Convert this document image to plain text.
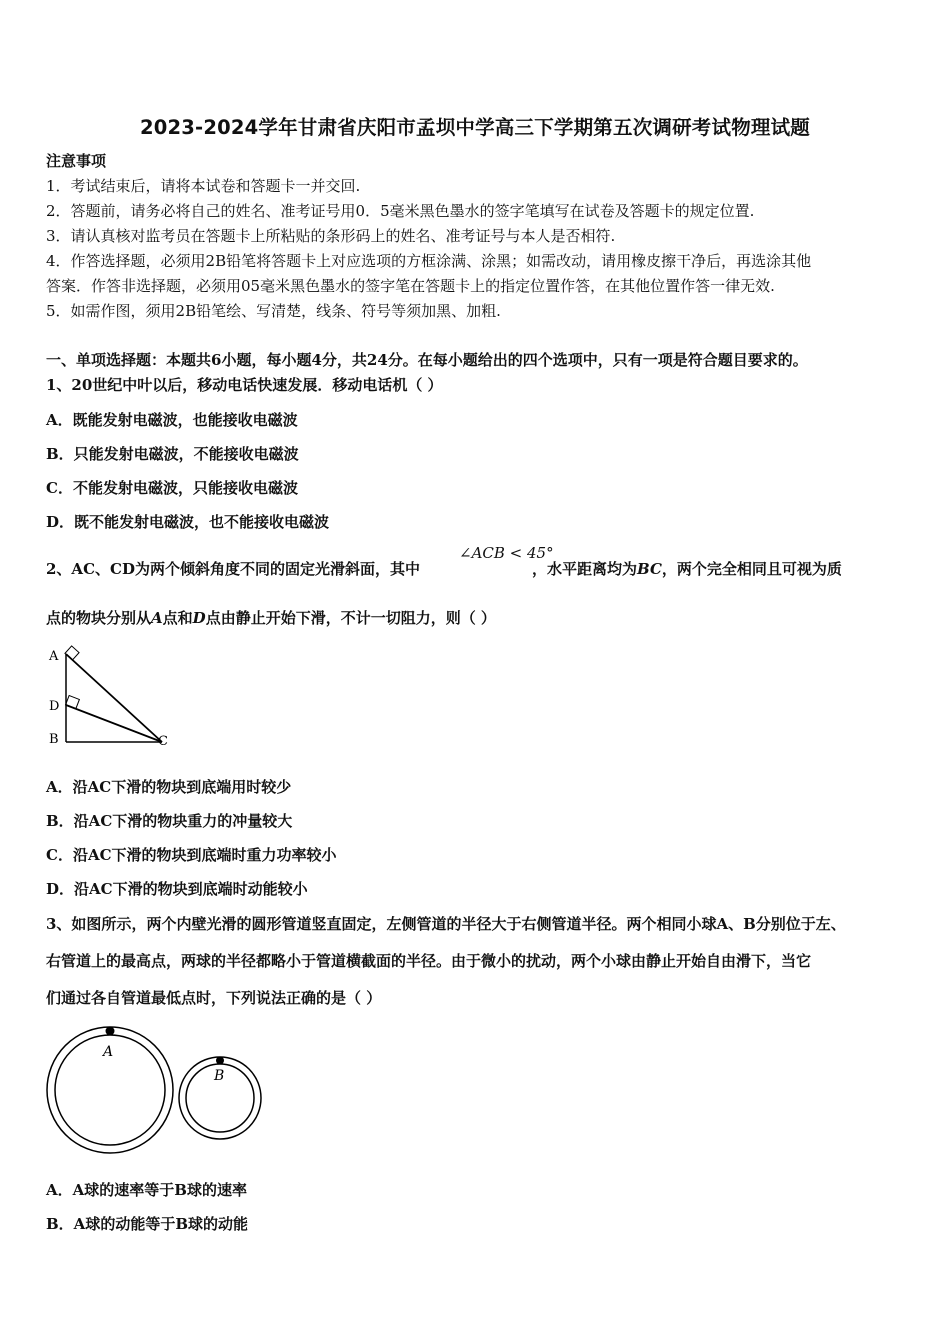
2023-2024学年甘肃省庆阳市孟坝中学高三下学期第五次调研考试物理试题
注意事项
1．考试结束后，请将本试卷和答题卡一并交回.
2．答题前，请务必将自己的姓名、准考证号用0．5毫米黑色墨水的签字笔填写在试卷及答题卡的规定位置.
3．请认真核对监考员在答题卡上所粘贴的条形码上的姓名、准考证号与本人是否相符.
4．作答选择题，必须用2B铅笔将答题卡上对应选项的方框涂满、涂黑；如需改动，请用橡皮擦干净后，再选涂其他
答案．作答非选择题，必须用05毫米黑色墨水的签字笔在答题卡上的指定位置作答，在其他位置作答一律无效.
5．如需作图，须用2B铅笔绘、写清楚，线条、符号等须加黑、加粗.
一、单项选择题：本题共6小题，每小题4分，共24分。在每小题给出的四个选项中，只有一项是符合题目要求的。
1、20世纪中叶以后，移动电话快速发展．移动电话机（ ）
A．既能发射电磁波，也能接收电磁波
B．只能发射电磁波，不能接收电磁波
C．不能发射电磁波，只能接收电磁波
D．既不能发射电磁波，也不能接收电磁波
2、AC、CD为两个倾斜角度不同的固定光滑斜面，其中	，水平距离均为BC，两个完全相同且可视为质
∠ACB < 45°
点的物块分别从A点和D点由静止开始下滑，不计一切阻力，则（ ）
A
D
B	C
A．沿AC下滑的物块到底端用时较少
B．沿AC下滑的物块重力的冲量较大
C．沿AC下滑的物块到底端时重力功率较小
D．沿AC下滑的物块到底端时动能较小
3、如图所示，两个内壁光滑的圆形管道竖直固定，左侧管道的半径大于右侧管道半径。两个相同小球A、B分别位于左、
右管道上的最高点，两球的半径都略小于管道横截面的半径。由于微小的扰动，两个小球由静止开始自由滑下，当它
们通过各自管道最低点时，下列说法正确的是（ ）
A
B
A．A球的速率等于B球的速率
B．A球的动能等于B球的动能
